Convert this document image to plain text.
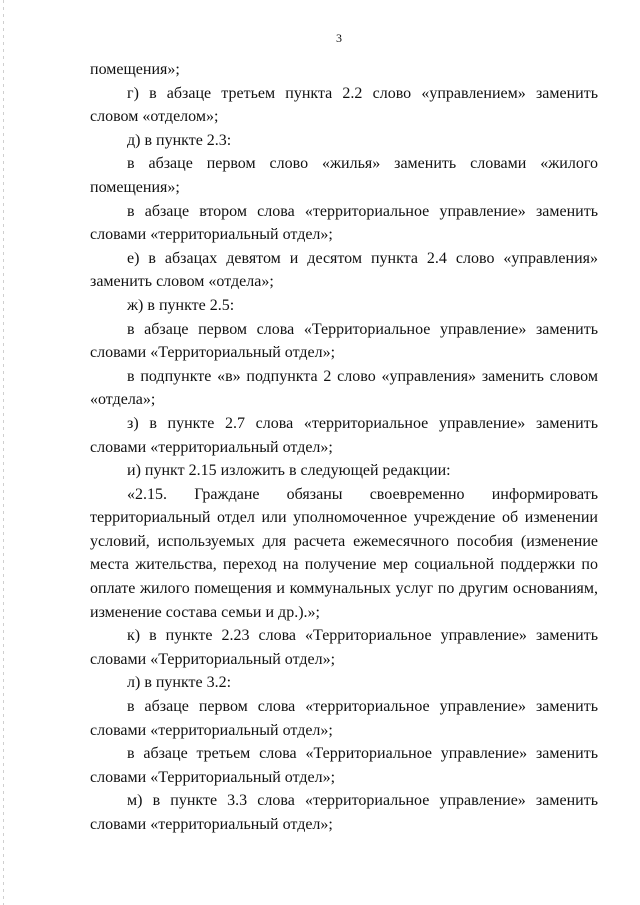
3

помещения»;

г) в абзаце третьем пункта 2.2 слово «управлением» заменить словом «отделом»;

д) в пункте 2.3:

в абзаце первом слово «жилья» заменить словами «жилого помещения»;

в абзаце втором слова «территориальное управление» заменить словами «территориальный отдел»;

е) в абзацах девятом и десятом пункта 2.4 слово «управления» заменить словом «отдела»;

ж) в пункте 2.5:

в абзаце первом слова «Территориальное управление» заменить словами «Территориальный отдел»;

в подпункте «в» подпункта 2 слово «управления» заменить словом «отдела»;

з) в пункте 2.7 слова «территориальное управление» заменить словами «территориальный отдел»;

и) пункт 2.15 изложить в следующей редакции:

«2.15. Граждане обязаны своевременно информировать территориальный отдел или уполномоченное учреждение об изменении условий, используемых для расчета ежемесячного пособия (изменение места жительства, переход на получение мер социальной поддержки по оплате жилого помещения и коммунальных услуг по другим основаниям, изменение состава семьи и др.).»;

к) в пункте 2.23 слова «Территориальное управление» заменить словами «Территориальный отдел»;

л) в пункте 3.2:

в абзаце первом слова «территориальное управление» заменить словами «территориальный отдел»;

в абзаце третьем слова «Территориальное управление» заменить словами «Территориальный отдел»;

м) в пункте 3.3 слова «территориальное управление» заменить словами «территориальный отдел»;
